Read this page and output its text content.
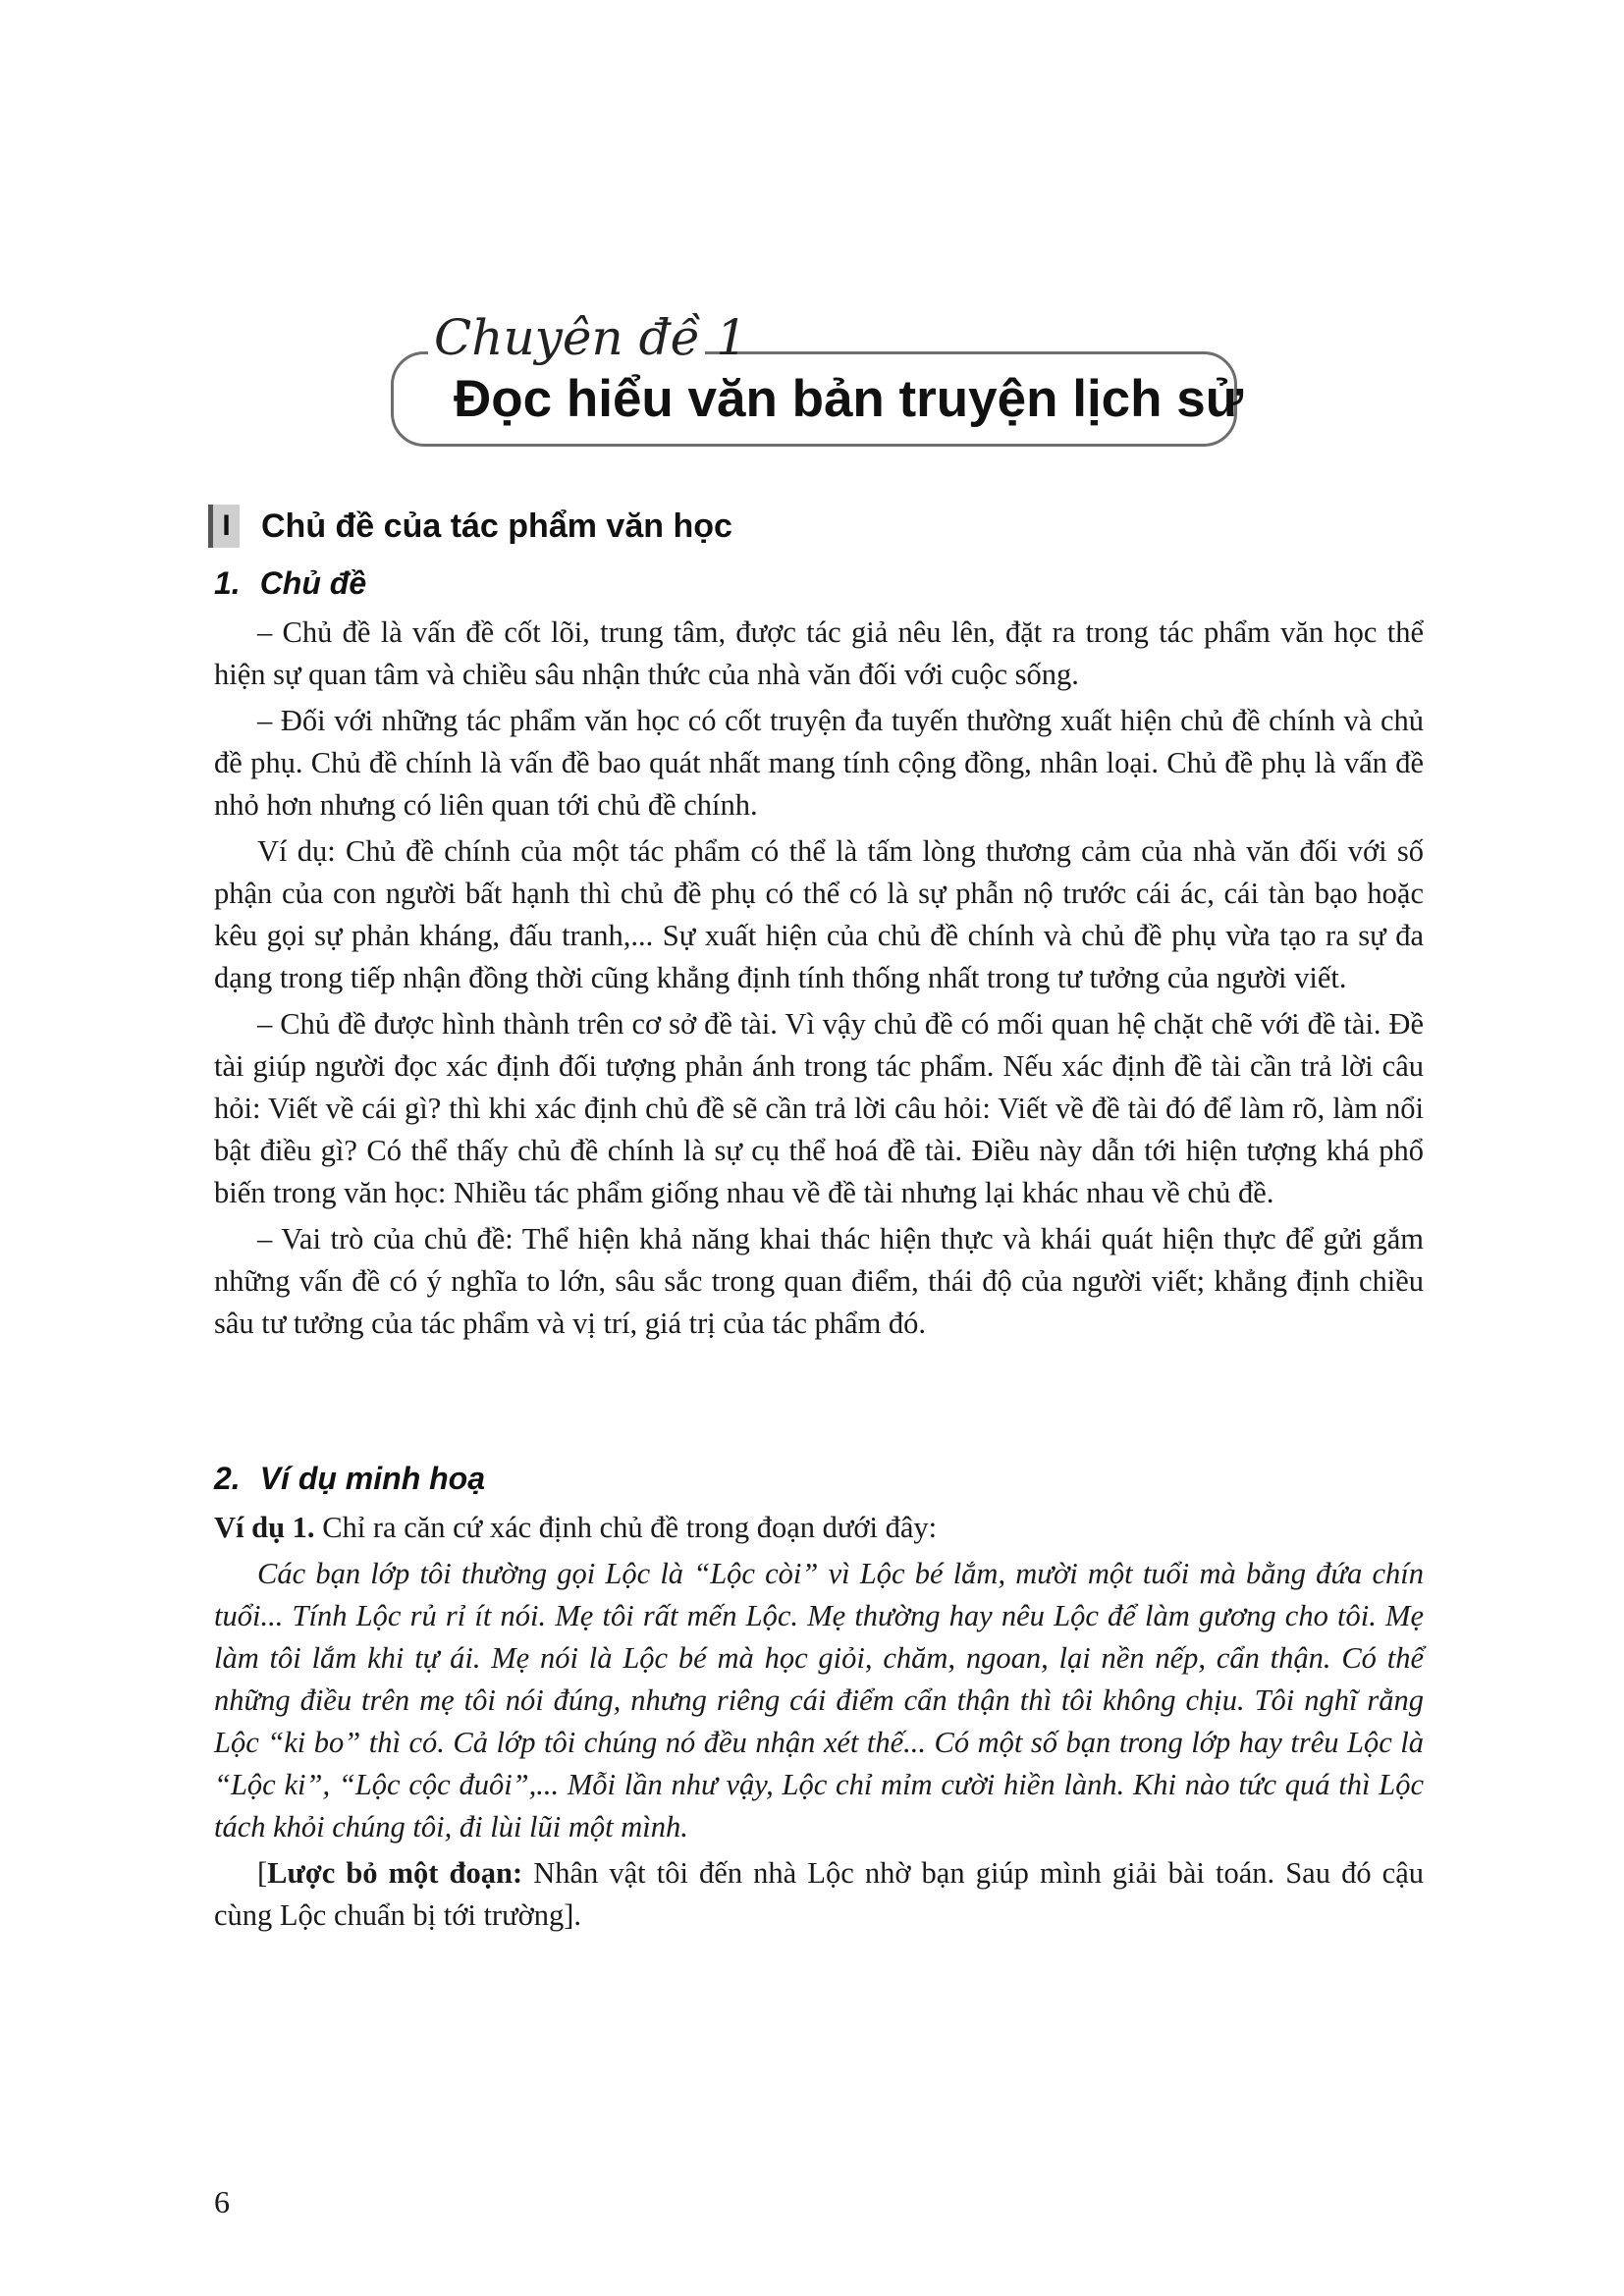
Chuyên đề 1
Đọc hiểu văn bản truyện lịch sử
I Chủ đề của tác phẩm văn học
1. Chủ đề

– Chủ đề là vấn đề cốt lõi, trung tâm, được tác giả nêu lên, đặt ra trong tác phẩm văn học thể hiện sự quan tâm và chiều sâu nhận thức của nhà văn đối với cuộc sống.

– Đối với những tác phẩm văn học có cốt truyện đa tuyến thường xuất hiện chủ đề chính và chủ đề phụ. Chủ đề chính là vấn đề bao quát nhất mang tính cộng đồng, nhân loại. Chủ đề phụ là vấn đề nhỏ hơn nhưng có liên quan tới chủ đề chính.

Ví dụ: Chủ đề chính của một tác phẩm có thể là tấm lòng thương cảm của nhà văn đối với số phận của con người bất hạnh thì chủ đề phụ có thể có là sự phẫn nộ trước cái ác, cái tàn bạo hoặc kêu gọi sự phản kháng, đấu tranh,... Sự xuất hiện của chủ đề chính và chủ đề phụ vừa tạo ra sự đa dạng trong tiếp nhận đồng thời cũng khẳng định tính thống nhất trong tư tưởng của người viết.

– Chủ đề được hình thành trên cơ sở đề tài. Vì vậy chủ đề có mối quan hệ chặt chẽ với đề tài. Đề tài giúp người đọc xác định đối tượng phản ánh trong tác phẩm. Nếu xác định đề tài cần trả lời câu hỏi: Viết về cái gì? thì khi xác định chủ đề sẽ cần trả lời câu hỏi: Viết về đề tài đó để làm rõ, làm nổi bật điều gì? Có thể thấy chủ đề chính là sự cụ thể hoá đề tài. Điều này dẫn tới hiện tượng khá phổ biến trong văn học: Nhiều tác phẩm giống nhau về đề tài nhưng lại khác nhau về chủ đề.

– Vai trò của chủ đề: Thể hiện khả năng khai thác hiện thực và khái quát hiện thực để gửi gắm những vấn đề có ý nghĩa to lớn, sâu sắc trong quan điểm, thái độ của người viết; khẳng định chiều sâu tư tưởng của tác phẩm và vị trí, giá trị của tác phẩm đó.

2. Ví dụ minh hoạ

Ví dụ 1. Chỉ ra căn cứ xác định chủ đề trong đoạn dưới đây:

Các bạn lớp tôi thường gọi Lộc là “Lộc còi” vì Lộc bé lắm, mười một tuổi mà bằng đứa chín tuổi... Tính Lộc rủ rỉ ít nói. Mẹ tôi rất mến Lộc. Mẹ thường hay nêu Lộc để làm gương cho tôi. Mẹ làm tôi lắm khi tự ái. Mẹ nói là Lộc bé mà học giỏi, chăm, ngoan, lại nền nếp, cẩn thận. Có thể những điều trên mẹ tôi nói đúng, nhưng riêng cái điểm cẩn thận thì tôi không chịu. Tôi nghĩ rằng Lộc “ki bo” thì có. Cả lớp tôi chúng nó đều nhận xét thế... Có một số bạn trong lớp hay trêu Lộc là “Lộc ki”, “Lộc cộc đuôi”,... Mỗi lần như vậy, Lộc chỉ mỉm cười hiền lành. Khi nào tức quá thì Lộc tách khỏi chúng tôi, đi lùi lũi một mình.

[Lược bỏ một đoạn: Nhân vật tôi đến nhà Lộc nhờ bạn giúp mình giải bài toán. Sau đó cậu cùng Lộc chuẩn bị tới trường].

6
